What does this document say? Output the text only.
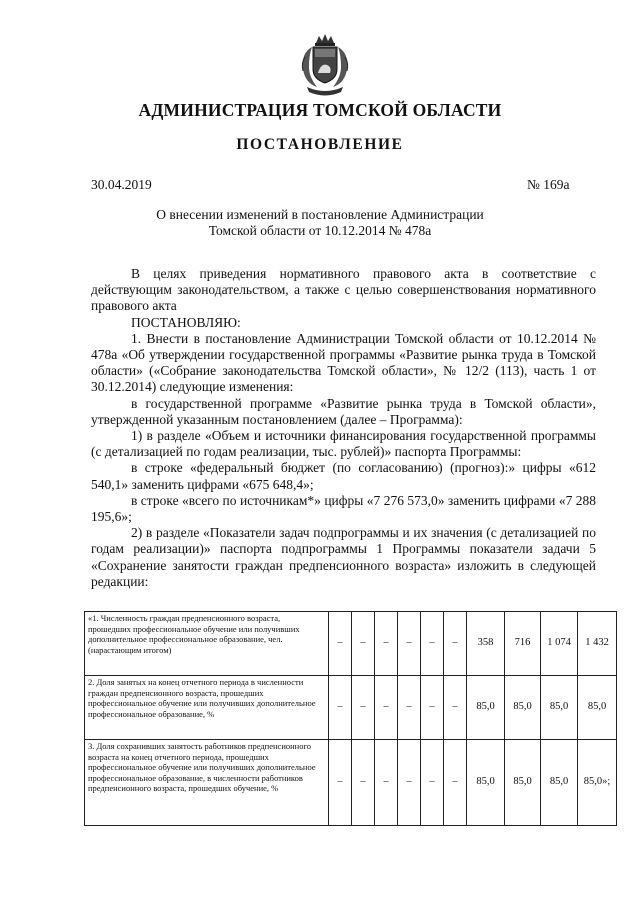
АДМИНИСТРАЦИЯ ТОМСКОЙ ОБЛАСТИ
ПОСТАНОВЛЕНИЕ
30.04.2019	№ 169а
О внесении изменений в постановление Администрации
Томской области от 10.12.2014 № 478а

В целях приведения нормативного правового акта в соответствие с действующим законодательством, а также с целью совершенствования нормативного правового акта

ПОСТАНОВЛЯЮ:

1. Внести в постановление Администрации Томской области от 10.12.2014 № 478а «Об утверждении государственной программы «Развитие рынка труда в Томской области» («Собрание законодательства Томской области», № 12/2 (113), часть 1 от 30.12.2014) следующие изменения:

в государственной программе «Развитие рынка труда в Томской области», утвержденной указанным постановлением (далее – Программа):

1) в разделе «Объем и источники финансирования государственной программы (с детализацией по годам реализации, тыс. рублей)» паспорта Программы:

в строке «федеральный бюджет (по согласованию) (прогноз):» цифры «612 540,1» заменить цифрами «675 648,4»;

в строке «всего по источникам*» цифры «7 276 573,0» заменить цифрами «7 288 195,6»;

2) в разделе «Показатели задач подпрограммы и их значения (с детализацией по годам реализации)» паспорта подпрограммы 1 Программы показатели задачи 5 «Сохранение занятости граждан предпенсионного возраста» изложить в следующей редакции:

«1. Численность граждан предпенсионного возраста, прошедших профессиональное обучение или получивших дополнительное профессиональное образование, чел. (нарастающим итогом)	–	–	–	–	–	–	358	716	1 074	1 432
2. Доля занятых на конец отчетного периода в численности граждан предпенсионного возраста, прошедших профессиональное обучение или получивших дополнительное профессиональное образование, %	–	–	–	–	–	–	85,0	85,0	85,0	85,0
3. Доля сохранивших занятость работников предпенсионного возраста на конец отчетного периода, прошедших профессиональное обучение или получивших дополнительное профессиональное образование, в численности работников предпенсионного возраста, прошедших обучение, %	–	–	–	–	–	–	85,0	85,0	85,0	85,0»;
